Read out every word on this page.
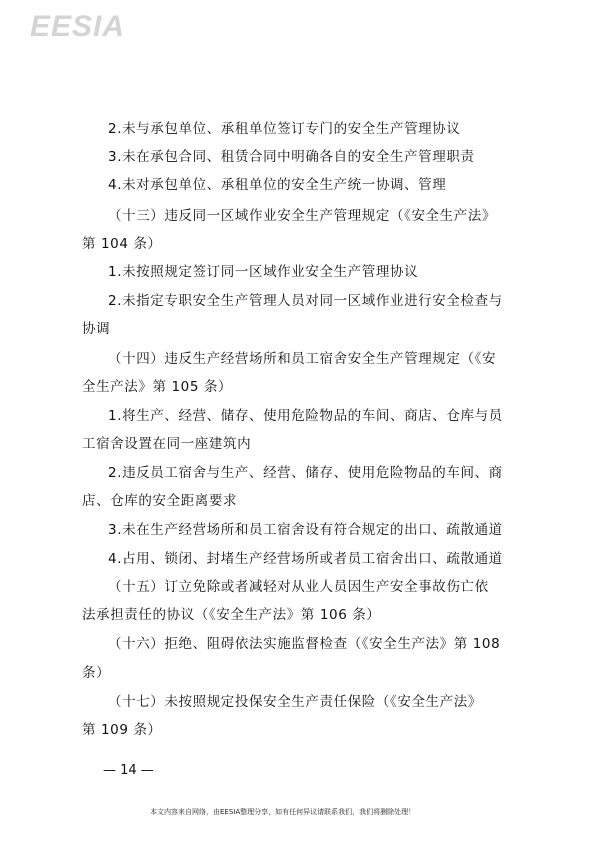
EESIA
2.未与承包单位、承租单位签订专门的安全生产管理协议
3.未在承包合同、租赁合同中明确各自的安全生产管理职责
4.未对承包单位、承租单位的安全生产统一协调、管理
（十三）违反同一区域作业安全生产管理规定（《安全生产法》
第 104 条）
1.未按照规定签订同一区域作业安全生产管理协议
2.未指定专职安全生产管理人员对同一区域作业进行安全检查与
协调
（十四）违反生产经营场所和员工宿舍安全生产管理规定（《安
全生产法》第 105 条）
1.将生产、经营、储存、使用危险物品的车间、商店、仓库与员
工宿舍设置在同一座建筑内
2.违反员工宿舍与生产、经营、储存、使用危险物品的车间、商
店、仓库的安全距离要求
3.未在生产经营场所和员工宿舍设有符合规定的出口、疏散通道
4.占用、锁闭、封堵生产经营场所或者员工宿舍出口、疏散通道
（十五）订立免除或者减轻对从业人员因生产安全事故伤亡依
法承担责任的协议（《安全生产法》第 106 条）
（十六）拒绝、阻碍依法实施监督检查（《安全生产法》第 108
条）
（十七）未按照规定投保安全生产责任保险（《安全生产法》
第 109 条）
— 14 —
本文内容来自网络，由EESIA整理分享，如有任何异议请联系我们，我们将删除处理！
